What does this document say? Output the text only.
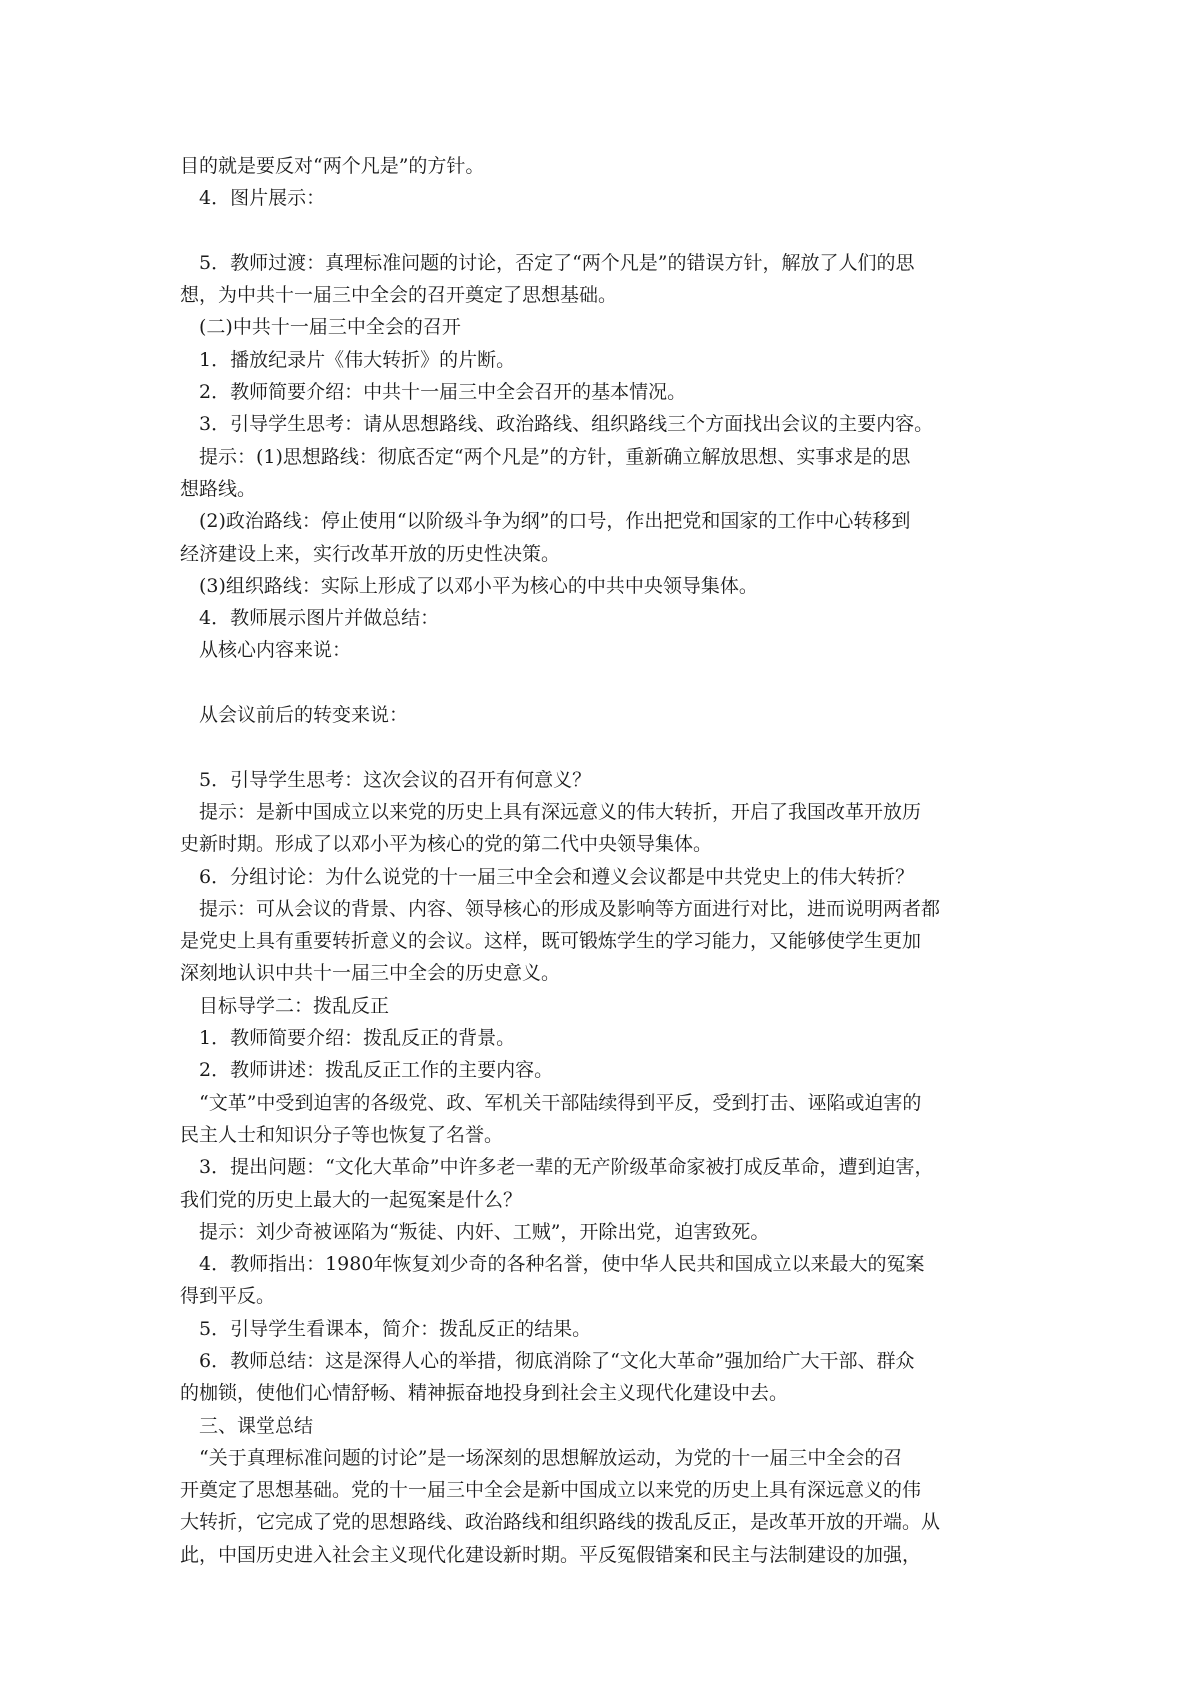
目的就是要反对“两个凡是”的方针。
4．图片展示：
5．教师过渡：真理标准问题的讨论，否定了“两个凡是”的错误方针，解放了人们的思
想，为中共十一届三中全会的召开奠定了思想基础。
(二)中共十一届三中全会的召开
1．播放纪录片《伟大转折》的片断。
2．教师简要介绍：中共十一届三中全会召开的基本情况。
3．引导学生思考：请从思想路线、政治路线、组织路线三个方面找出会议的主要内容。
提示：(1)思想路线：彻底否定“两个凡是”的方针，重新确立解放思想、实事求是的思
想路线。
(2)政治路线：停止使用“以阶级斗争为纲”的口号，作出把党和国家的工作中心转移到
经济建设上来，实行改革开放的历史性决策。
(3)组织路线：实际上形成了以邓小平为核心的中共中央领导集体。
4．教师展示图片并做总结：
从核心内容来说：
从会议前后的转变来说：
5．引导学生思考：这次会议的召开有何意义？
提示：是新中国成立以来党的历史上具有深远意义的伟大转折，开启了我国改革开放历
史新时期。形成了以邓小平为核心的党的第二代中央领导集体。
6．分组讨论：为什么说党的十一届三中全会和遵义会议都是中共党史上的伟大转折？
提示：可从会议的背景、内容、领导核心的形成及影响等方面进行对比，进而说明两者都
是党史上具有重要转折意义的会议。这样，既可锻炼学生的学习能力，又能够使学生更加
深刻地认识中共十一届三中全会的历史意义。
目标导学二：拨乱反正
1．教师简要介绍：拨乱反正的背景。
2．教师讲述：拨乱反正工作的主要内容。
“文革”中受到迫害的各级党、政、军机关干部陆续得到平反，受到打击、诬陷或迫害的
民主人士和知识分子等也恢复了名誉。
3．提出问题：“文化大革命”中许多老一辈的无产阶级革命家被打成反革命，遭到迫害，
我们党的历史上最大的一起冤案是什么？
提示：刘少奇被诬陷为“叛徒、内奸、工贼”，开除出党，迫害致死。
4．教师指出：1980年恢复刘少奇的各种名誉，使中华人民共和国成立以来最大的冤案
得到平反。
5．引导学生看课本，简介：拨乱反正的结果。
6．教师总结：这是深得人心的举措，彻底消除了“文化大革命”强加给广大干部、群众
的枷锁，使他们心情舒畅、精神振奋地投身到社会主义现代化建设中去。
三、课堂总结
“关于真理标准问题的讨论”是一场深刻的思想解放运动，为党的十一届三中全会的召
开奠定了思想基础。党的十一届三中全会是新中国成立以来党的历史上具有深远意义的伟
大转折，它完成了党的思想路线、政治路线和组织路线的拨乱反正，是改革开放的开端。从
此，中国历史进入社会主义现代化建设新时期。平反冤假错案和民主与法制建设的加强，
